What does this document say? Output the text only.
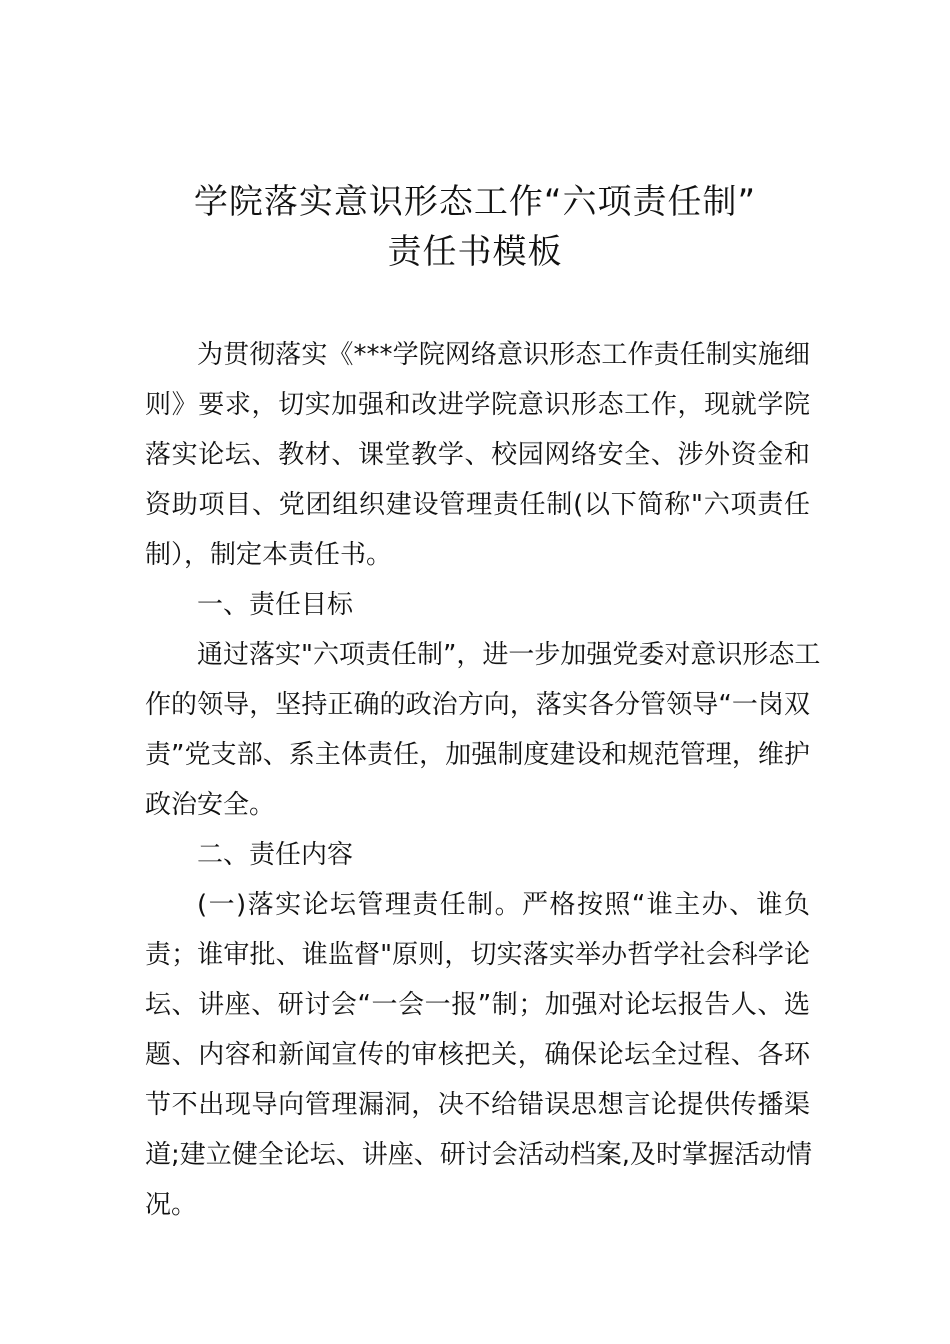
学院落实意识形态工作“六项责任制”
责任书模板
为贯彻落实《***学院网络意识形态工作责任制实施细
则》要求，切实加强和改进学院意识形态工作，现就学院
落实论坛、教材、课堂教学、校园网络安全、涉外资金和
资助项目、党团组织建设管理责任制(以下简称"六项责任
制），制定本责任书。
一、责任目标
通过落实"六项责任制”，进一步加强党委对意识形态工
作的领导，坚持正确的政治方向，落实各分管领导“一岗双
责”党支部、系主体责任，加强制度建设和规范管理，维护
政治安全。
二、责任内容
(一)落实论坛管理责任制。严格按照“谁主办、谁负
责；谁审批、谁监督"原则，切实落实举办哲学社会科学论
坛、讲座、研讨会“一会一报”制；加强对论坛报告人、选
题、内容和新闻宣传的审核把关，确保论坛全过程、各环
节不出现导向管理漏洞，决不给错误思想言论提供传播渠
道;建立健全论坛、讲座、研讨会活动档案,及时掌握活动情
况。
